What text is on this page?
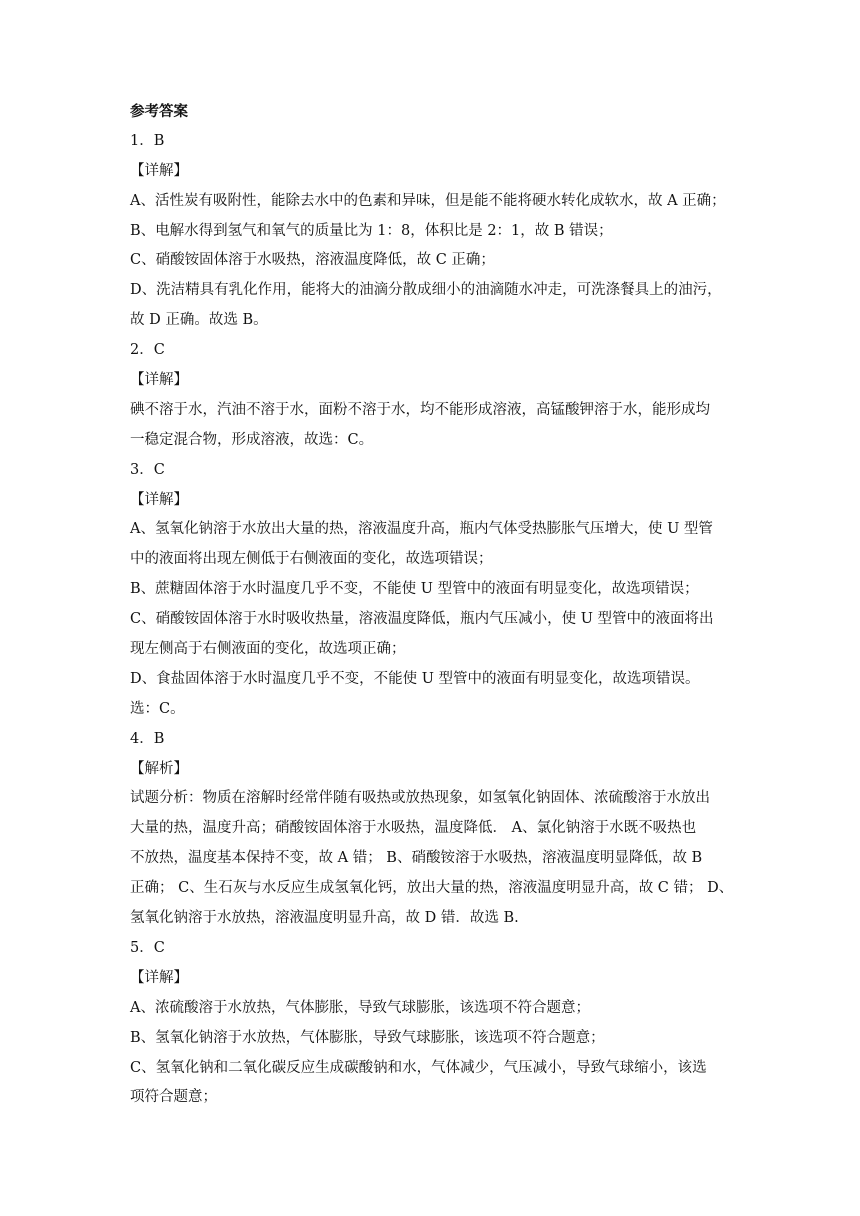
参考答案
1．B
【详解】
A、活性炭有吸附性，能除去水中的色素和异味，但是能不能将硬水转化成软水，故 A 正确；
B、电解水得到氢气和氧气的质量比为 1：8，体积比是 2：1，故 B 错误；
C、硝酸铵固体溶于水吸热，溶液温度降低，故 C 正确；
D、洗洁精具有乳化作用，能将大的油滴分散成细小的油滴随水冲走，可洗涤餐具上的油污，
故 D 正确。故选 B。
2．C
【详解】
碘不溶于水，汽油不溶于水，面粉不溶于水，均不能形成溶液，高锰酸钾溶于水，能形成均
一稳定混合物，形成溶液，故选：C。
3．C
【详解】
A、氢氧化钠溶于水放出大量的热，溶液温度升高，瓶内气体受热膨胀气压增大，使 U 型管
中的液面将出现左侧低于右侧液面的变化，故选项错误；
B、蔗糖固体溶于水时温度几乎不变，不能使 U 型管中的液面有明显变化，故选项错误；
C、硝酸铵固体溶于水时吸收热量，溶液温度降低，瓶内气压减小，使 U 型管中的液面将出
现左侧高于右侧液面的变化，故选项正确；
D、食盐固体溶于水时温度几乎不变，不能使 U 型管中的液面有明显变化，故选项错误。
选：C。
4．B
【解析】
试题分析：物质在溶解时经常伴随有吸热或放热现象，如氢氧化钠固体、浓硫酸溶于水放出
大量的热，温度升高；硝酸铵固体溶于水吸热，温度降低． A、氯化钠溶于水既不吸热也
不放热，温度基本保持不变，故 A 错； B、硝酸铵溶于水吸热，溶液温度明显降低，故 B
正确； C、生石灰与水反应生成氢氧化钙，放出大量的热，溶液温度明显升高，故 C 错； D、
氢氧化钠溶于水放热，溶液温度明显升高，故 D 错．故选 B.
5．C
【详解】
A、浓硫酸溶于水放热，气体膨胀，导致气球膨胀，该选项不符合题意；
B、氢氧化钠溶于水放热，气体膨胀，导致气球膨胀，该选项不符合题意；
C、氢氧化钠和二氧化碳反应生成碳酸钠和水，气体减少，气压减小，导致气球缩小，该选
项符合题意；
